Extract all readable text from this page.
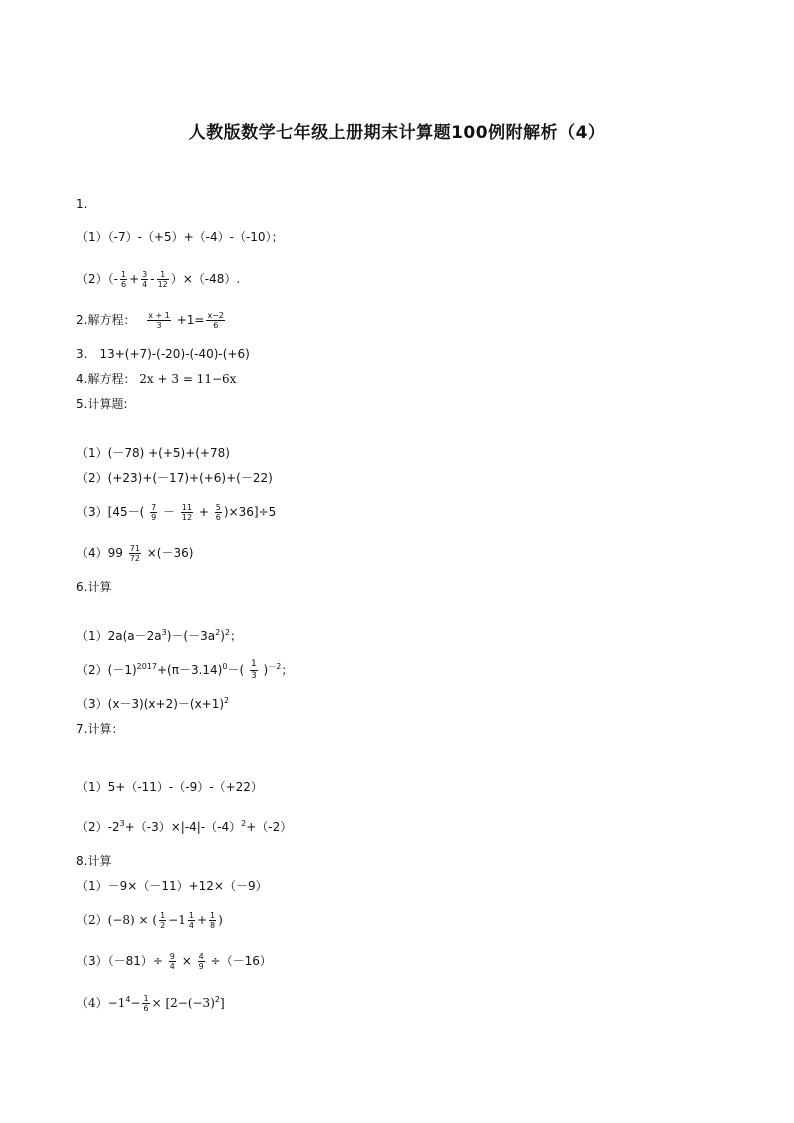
人教版数学七年级上册期末计算题100例附解析（4）
1.
（1）（-7）-（+5）+（-4）-（-10）；
$(2)(- \frac{1}{6} + \frac{3}{4} - \frac{1}{12} )\times(-48)$.
2.解方程： $\frac{x + 1}{3} +1= \frac{x-2}{6}$
3.　13+(+7)-(-20)-(-40)-(+6)
4.解方程： 2x + 3 = 11−6x
5.计算题:
（1）(－78) +(+5)+(+78)
（2）(+23)+(－17)+(+6)+(－22)
$(3)[45-( \frac{7}{9} - \frac{11}{12} + \frac{5}{6} )\times 36]\div 5$
$(4)99 \frac{71}{72} \times(-36)$
6.计算
$(1)2a(a-2a^3)-(-3a^2)^2$；
$(2)(-1)^{2017}+(\pi-3.14)^0-( \frac{1}{3} )^{-2}$；
$(3)(x-3)(x+2)-(x+1)^2$
7.计算：
（1）5+（-11）-（-9）-（+22）
$(2)-2^3+(-3)\times|-4|-(-4)^2+(-2)$
8.计算
（1）－9×（－11）+12×（－9）
（2）(−8) × ( $\frac{1}{2} -1 \frac{1}{4} + \frac{1}{8}$ )
$(3)(-81)\div \frac{9}{4} \times \frac{4}{9} \div(-16)$
$(4)-1^4- \frac{1}{6} \times [2-(-3)^2]$
